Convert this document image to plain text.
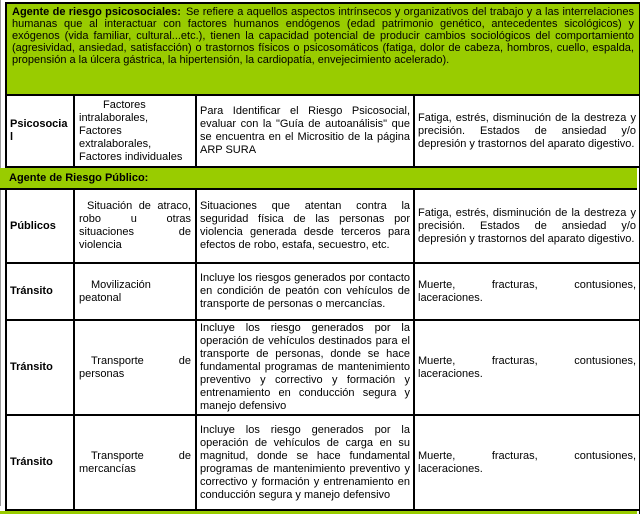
Agente de riesgo psicosociales: Se refiere a aquellos aspectos intrínsecos y organizativos del trabajo y a las interrelaciones humanas que al interactuar con factores humanos endógenos (edad patrimonio genético, antecedentes sicológicos) y exógenos (vida familiar, cultural...etc.), tienen la capacidad potencial de producir cambios sociológicos del comportamiento (agresividad, ansiedad, satisfacción) o trastornos físicos o psicosomáticos (fatiga, dolor de cabeza, hombros, cuello, espalda, propensión a la úlcera gástrica, la hipertensión, la cardiopatía, envejecimiento acelerado).
Psicosocial
Factores intralaborales, Factores extralaborales, Factores individuales
Para Identificar el Riesgo Psicosocial, evaluar con la "Guía de autoanálisis" que se encuentra en el Micrositio de la página ARP SURA
Fatiga, estrés, disminución de la destreza y precisión. Estados de ansiedad y/o depresión y trastornos del aparato digestivo.
Agente de Riesgo Público:
Públicos
Situación de atraco, robo u otras situaciones de violencia
Situaciones que atentan contra la seguridad física de las personas por violencia generada desde terceros para efectos de robo, estafa, secuestro, etc.
Fatiga, estrés, disminución de la destreza y precisión. Estados de ansiedad y/o depresión y trastornos del aparato digestivo.
Tránsito
Movilización peatonal
Incluye los riesgos generados por contacto en condición de peatón con vehículos de transporte de personas o mercancías.
Muerte, fracturas, contusiones, laceraciones.
Tránsito
Transporte de personas
Incluye los riesgo generados por la operación de vehículos destinados para el transporte de personas, donde se hace fundamental programas de mantenimiento preventivo y correctivo y formación y entrenamiento en conducción segura y manejo defensivo
Muerte, fracturas, contusiones, laceraciones.
Tránsito
Transporte de mercancías
Incluye los riesgo generados por la operación de vehículos de carga en su magnitud, donde se hace fundamental programas de mantenimiento preventivo y correctivo y formación y entrenamiento en conducción segura y manejo defensivo
Muerte, fracturas, contusiones, laceraciones.
